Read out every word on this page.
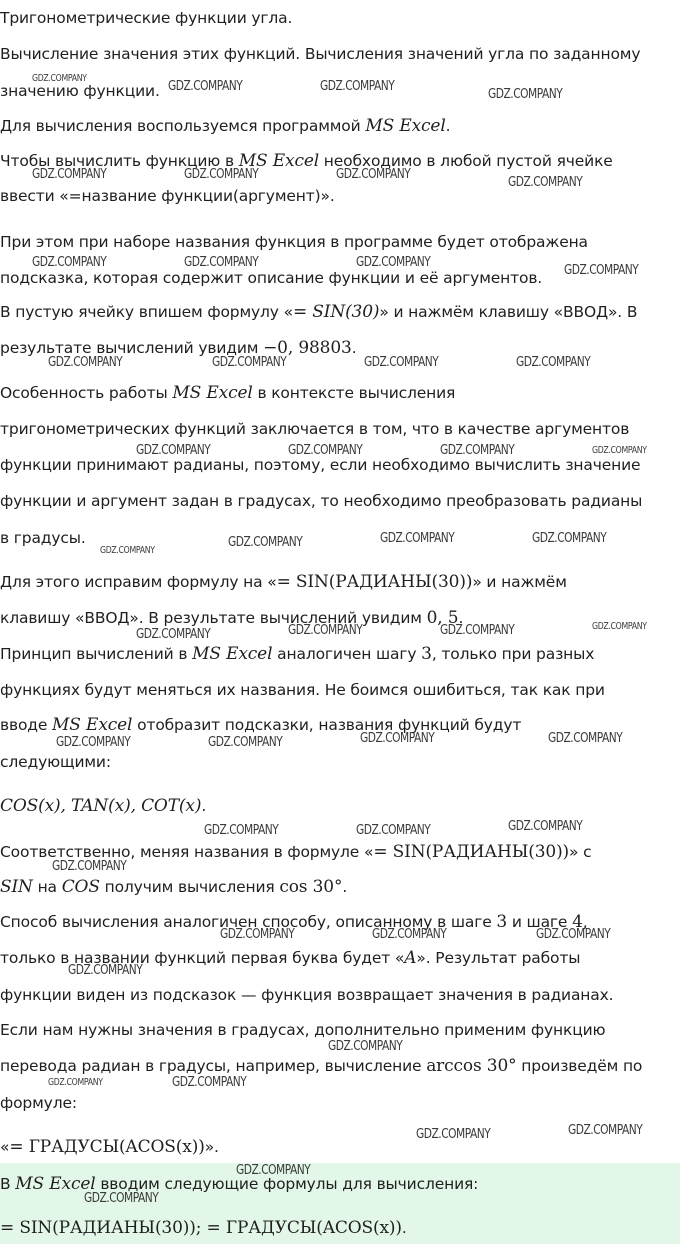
Тригонометрические функции угла.
Вычисление значения этих функций. Вычисления значений угла по заданному
значению функции.
Для вычисления воспользуемся программой MS Excel.
Чтобы вычислить функцию в MS Excel необходимо в любой пустой ячейке
ввести «=название функции(аргумент)».
При этом при наборе названия функция в программе будет отображена
подсказка, которая содержит описание функции и её аргументов.
В пустую ячейку впишем формулу «= SIN(30)» и нажмём клавишу «ВВОД». В
результате вычислений увидим −0, 98803.
Особенность работы MS Excel в контексте вычисления
тригонометрических функций заключается в том, что в качестве аргументов
функции принимают радианы, поэтому, если необходимо вычислить значение
функции и аргумент задан в градусах, то необходимо преобразовать радианы
в градусы.
Для этого исправим формулу на «= SIN(РАДИАНЫ(30))» и нажмём
клавишу «ВВОД». В результате вычислений увидим 0, 5.
Принцип вычислений в MS Excel аналогичен шагу 3, только при разных
функциях будут меняться их названия. Не боимся ошибиться, так как при
вводе MS Excel отобразит подсказки, названия функций будут
следующими:
COS(x), TAN(x), COT(x).
Соответственно, меняя названия в формуле «= SIN(РАДИАНЫ(30))» с
SIN на COS получим вычисления cos 30°.
Способ вычисления аналогичен способу, описанному в шаге 3 и шаге 4,
только в названии функций первая буква будет «A». Результат работы
функции виден из подсказок — функция возвращает значения в радианах.
Если нам нужны значения в градусах, дополнительно применим функцию
перевода радиан в градусы, например, вычисление arccos 30° произведём по
формуле:
«= ГРАДУСЫ(ACOS(x))».
В MS Excel вводим следующие формулы для вычисления:
= SIN(РАДИАНЫ(30)); = ГРАДУСЫ(ACOS(x)).
GDZ.COMPANY
GDZ.COMPANY	GDZ.COMPANY
GDZ.COMPANY
GDZ.COMPANY	GDZ.COMPANY	GDZ.COMPANY
GDZ.COMPANY
GDZ.COMPANY	GDZ.COMPANY	GDZ.COMPANY
GDZ.COMPANY
GDZ.COMPANY	GDZ.COMPANY	GDZ.COMPANY	GDZ.COMPANY
GDZ.COMPANY	GDZ.COMPANY	GDZ.COMPANY	GDZ.COMPANY
GDZ.COMPANY
GDZ.COMPANY	GDZ.COMPANY	GDZ.COMPANY
GDZ.COMPANY	GDZ.COMPANY	GDZ.COMPANY	GDZ.COMPANY
GDZ.COMPANY	GDZ.COMPANY	GDZ.COMPANY	GDZ.COMPANY
GDZ.COMPANY	GDZ.COMPANY	GDZ.COMPANY
GDZ.COMPANY
GDZ.COMPANY	GDZ.COMPANY	GDZ.COMPANY
GDZ.COMPANY
GDZ.COMPANY
GDZ.COMPANY	GDZ.COMPANY
GDZ.COMPANY	GDZ.COMPANY
GDZ.COMPANY
GDZ.COMPANY
